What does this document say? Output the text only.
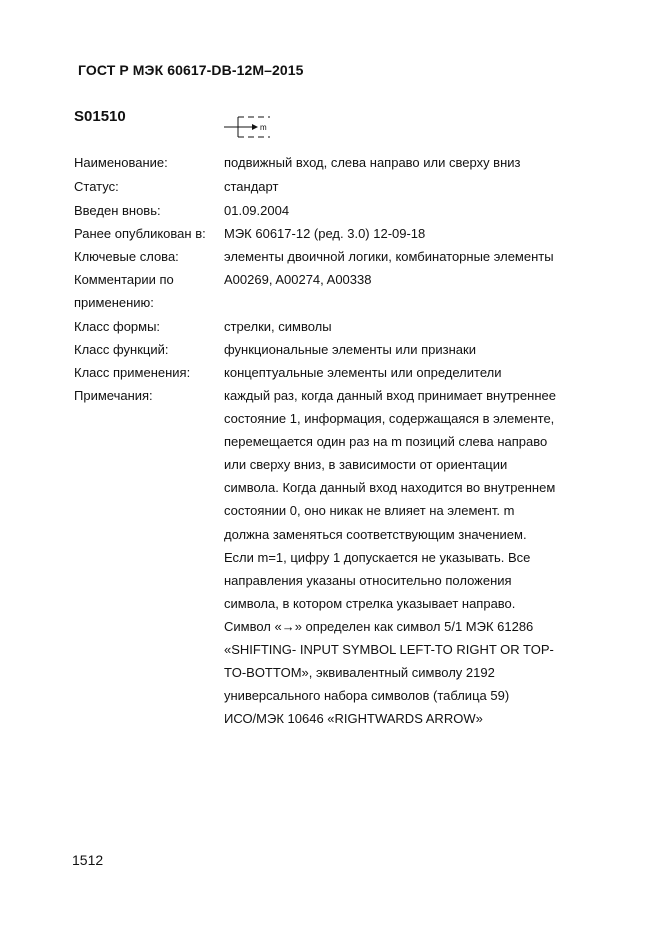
ГОСТ Р МЭК 60617-DB-12M–2015
S01510
m
Наименование:	подвижный вход, слева направо или сверху вниз
Статус:	стандарт
Введен вновь:	01.09.2004
Ранее опубликован в:	МЭК 60617-12 (ред. 3.0) 12-09-18
Ключевые слова:	элементы двоичной логики, комбинаторные элементы
Комментарии по	A00269, A00274, A00338
применению:
Класс формы:	стрелки, символы
Класс функций:	функциональные элементы или признаки
Класс применения:	концептуальные элементы или определители
Примечания:	каждый раз, когда данный вход принимает внутреннее
состояние 1, информация, содержащаяся в элементе,
перемещается один раз на m позиций слева направо
или сверху вниз, в зависимости от ориентации
символа. Когда данный вход находится во внутреннем
состоянии 0, оно никак не влияет на элемент. m
должна заменяться соответствующим значением.
Если m=1, цифру 1 допускается не указывать. Все
направления указаны относительно положения
символа, в котором стрелка указывает направо.
Символ «→» определен как символ 5/1 МЭК 61286
«SHIFTING- INPUT SYMBOL LEFT-TO RIGHT OR TOP-
TO-BOTTOM», эквивалентный символу 2192
универсального набора символов (таблица 59)
ИСО/МЭК 10646 «RIGHTWARDS ARROW»
1512
